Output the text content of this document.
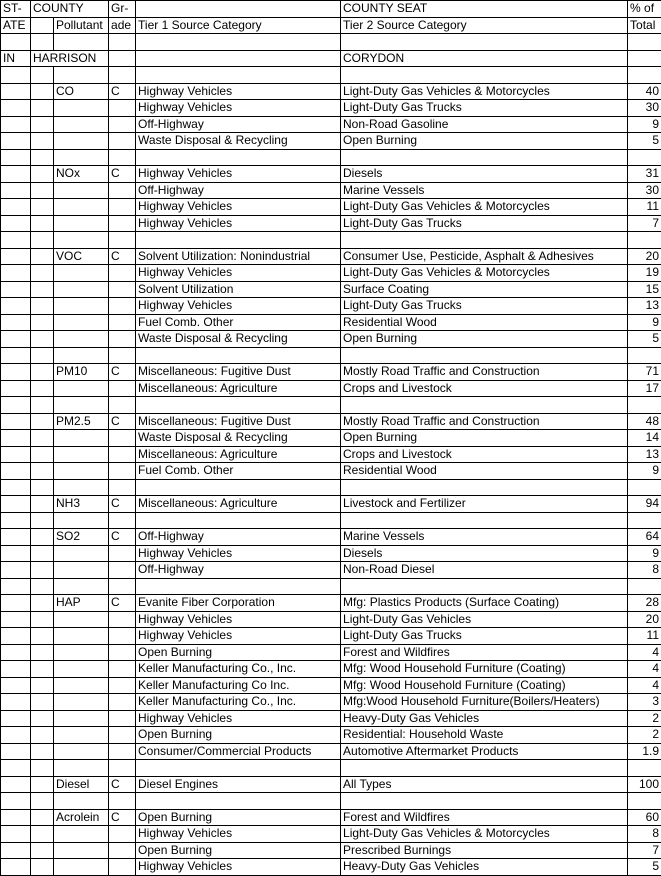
ST-	COUNTY		Gr-		COUNTY SEAT	% of
ATE		Pollutant	ade	Tier 1 Source Category	Tier 2 Source Category	Total

IN	HARRISON				CORYDON	

		CO	C	Highway Vehicles	Light-Duty Gas Vehicles & Motorcycles	40
				Highway Vehicles	Light-Duty Gas Trucks	30
				Off-Highway	Non-Road Gasoline	9
				Waste Disposal & Recycling	Open Burning	5

		NOx	C	Highway Vehicles	Diesels	31
				Off-Highway	Marine Vessels	30
				Highway Vehicles	Light-Duty Gas Vehicles & Motorcycles	11
				Highway Vehicles	Light-Duty Gas Trucks	7

		VOC	C	Solvent Utilization: Nonindustrial	Consumer Use, Pesticide, Asphalt & Adhesives	20
				Highway Vehicles	Light-Duty Gas Vehicles & Motorcycles	19
				Solvent Utilization	Surface Coating	15
				Highway Vehicles	Light-Duty Gas Trucks	13
				Fuel Comb. Other	Residential Wood	9
				Waste Disposal & Recycling	Open Burning	5

		PM10	C	Miscellaneous: Fugitive Dust	Mostly Road Traffic and Construction	71
				Miscellaneous: Agriculture	Crops and Livestock	17

		PM2.5	C	Miscellaneous: Fugitive Dust	Mostly Road Traffic and Construction	48
				Waste Disposal & Recycling	Open Burning	14
				Miscellaneous: Agriculture	Crops and Livestock	13
				Fuel Comb. Other	Residential Wood	9

		NH3	C	Miscellaneous: Agriculture	Livestock and Fertilizer	94

		SO2	C	Off-Highway	Marine Vessels	64
				Highway Vehicles	Diesels	9
				Off-Highway	Non-Road Diesel	8

		HAP	C	Evanite Fiber Corporation	Mfg: Plastics Products (Surface Coating)	28
				Highway Vehicles	Light-Duty Gas Vehicles	20
				Highway Vehicles	Light-Duty Gas Trucks	11
				Open Burning	Forest and Wildfires	4
				Keller Manufacturing Co., Inc.	Mfg: Wood Household Furniture (Coating)	4
				Keller Manufacturing Co Inc.	Mfg: Wood Household Furniture (Coating)	4
				Keller Manufacturing Co., Inc.	Mfg:Wood Household Furniture(Boilers/Heaters)	3
				Highway Vehicles	Heavy-Duty Gas Vehicles	2
				Open Burning	Residential: Household Waste	2
				Consumer/Commercial Products	Automotive Aftermarket Products	1.9

		Diesel	C	Diesel Engines	All Types	100

		Acrolein	C	Open Burning	Forest and Wildfires	60
				Highway Vehicles	Light-Duty Gas Vehicles & Motorcycles	8
				Open Burning	Prescribed Burnings	7
				Highway Vehicles	Heavy-Duty Gas Vehicles	5
